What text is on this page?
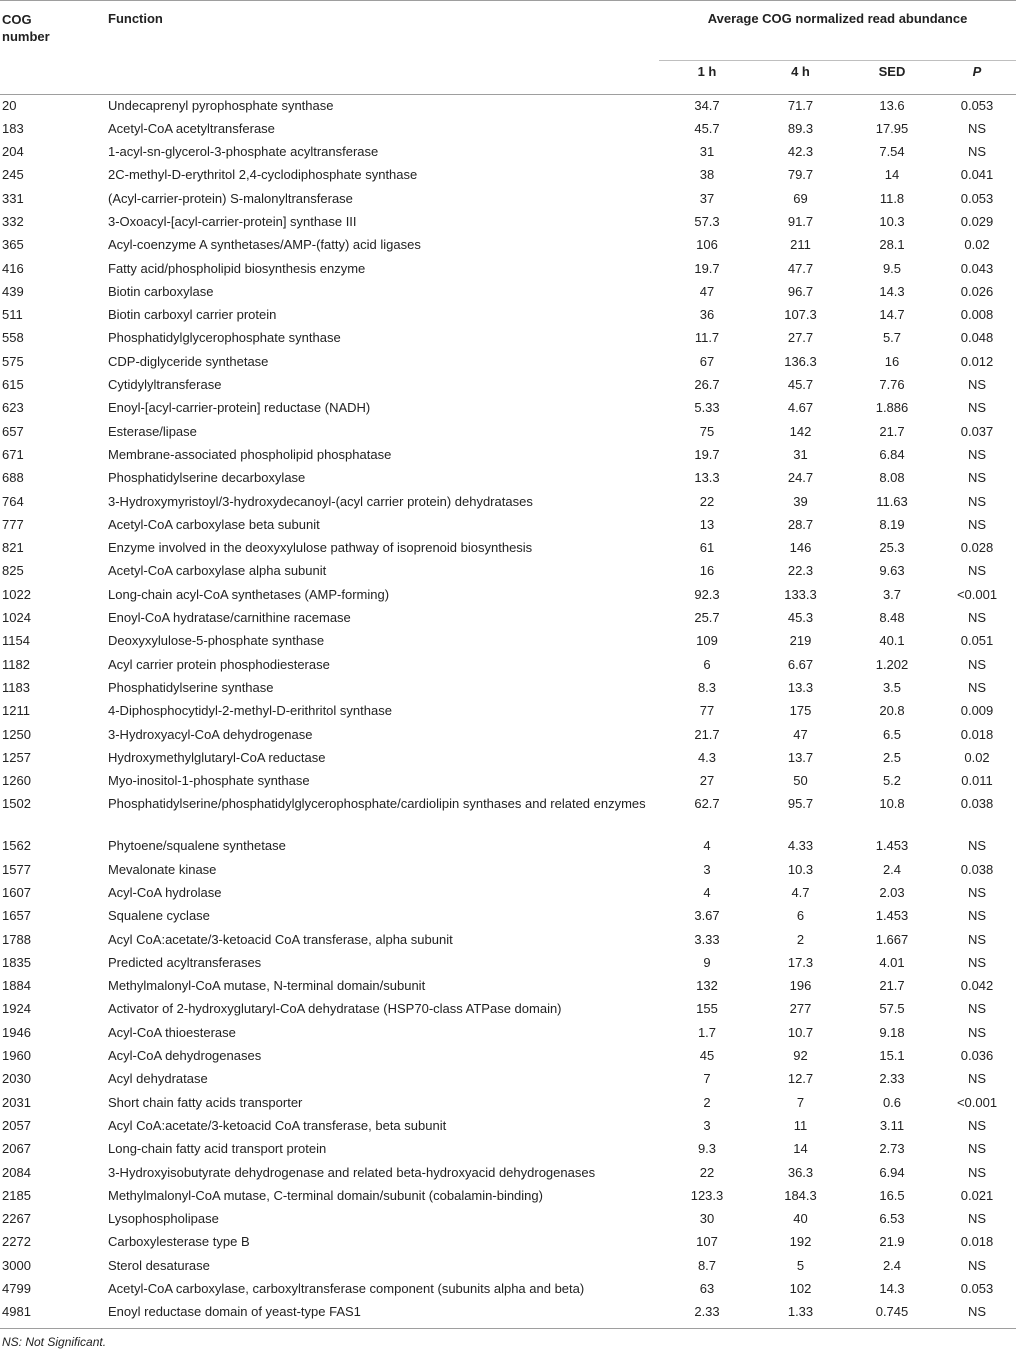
COG number	Function	Average COG normalized read abundance			
		1 h	4 h	SED	P
20	Undecaprenyl pyrophosphate synthase	34.7	71.7	13.6	0.053
183	Acetyl-CoA acetyltransferase	45.7	89.3	17.95	NS
204	1-acyl-sn-glycerol-3-phosphate acyltransferase	31	42.3	7.54	NS
245	2C-methyl-D-erythritol 2,4-cyclodiphosphate synthase	38	79.7	14	0.041
331	(Acyl-carrier-protein) S-malonyltransferase	37	69	11.8	0.053
332	3-Oxoacyl-[acyl-carrier-protein] synthase III	57.3	91.7	10.3	0.029
365	Acyl-coenzyme A synthetases/AMP-(fatty) acid ligases	106	211	28.1	0.02
416	Fatty acid/phospholipid biosynthesis enzyme	19.7	47.7	9.5	0.043
439	Biotin carboxylase	47	96.7	14.3	0.026
511	Biotin carboxyl carrier protein	36	107.3	14.7	0.008
558	Phosphatidylglycerophosphate synthase	11.7	27.7	5.7	0.048
575	CDP-diglyceride synthetase	67	136.3	16	0.012
615	Cytidylyltransferase	26.7	45.7	7.76	NS
623	Enoyl-[acyl-carrier-protein] reductase (NADH)	5.33	4.67	1.886	NS
657	Esterase/lipase	75	142	21.7	0.037
671	Membrane-associated phospholipid phosphatase	19.7	31	6.84	NS
688	Phosphatidylserine decarboxylase	13.3	24.7	8.08	NS
764	3-Hydroxymyristoyl/3-hydroxydecanoyl-(acyl carrier protein) dehydratases	22	39	11.63	NS
777	Acetyl-CoA carboxylase beta subunit	13	28.7	8.19	NS
821	Enzyme involved in the deoxyxylulose pathway of isoprenoid biosynthesis	61	146	25.3	0.028
825	Acetyl-CoA carboxylase alpha subunit	16	22.3	9.63	NS
1022	Long-chain acyl-CoA synthetases (AMP-forming)	92.3	133.3	3.7	<0.001
1024	Enoyl-CoA hydratase/carnithine racemase	25.7	45.3	8.48	NS
1154	Deoxyxylulose-5-phosphate synthase	109	219	40.1	0.051
1182	Acyl carrier protein phosphodiesterase	6	6.67	1.202	NS
1183	Phosphatidylserine synthase	8.3	13.3	3.5	NS
1211	4-Diphosphocytidyl-2-methyl-D-erithritol synthase	77	175	20.8	0.009
1250	3-Hydroxyacyl-CoA dehydrogenase	21.7	47	6.5	0.018
1257	Hydroxymethylglutaryl-CoA reductase	4.3	13.7	2.5	0.02
1260	Myo-inositol-1-phosphate synthase	27	50	5.2	0.011
1502	Phosphatidylserine/phosphatidylglycerophosphate/cardiolipin synthases and related enzymes	62.7	95.7	10.8	0.038
1562	Phytoene/squalene synthetase	4	4.33	1.453	NS
1577	Mevalonate kinase	3	10.3	2.4	0.038
1607	Acyl-CoA hydrolase	4	4.7	2.03	NS
1657	Squalene cyclase	3.67	6	1.453	NS
1788	Acyl CoA:acetate/3-ketoacid CoA transferase, alpha subunit	3.33	2	1.667	NS
1835	Predicted acyltransferases	9	17.3	4.01	NS
1884	Methylmalonyl-CoA mutase, N-terminal domain/subunit	132	196	21.7	0.042
1924	Activator of 2-hydroxyglutaryl-CoA dehydratase (HSP70-class ATPase domain)	155	277	57.5	NS
1946	Acyl-CoA thioesterase	1.7	10.7	9.18	NS
1960	Acyl-CoA dehydrogenases	45	92	15.1	0.036
2030	Acyl dehydratase	7	12.7	2.33	NS
2031	Short chain fatty acids transporter	2	7	0.6	<0.001
2057	Acyl CoA:acetate/3-ketoacid CoA transferase, beta subunit	3	11	3.11	NS
2067	Long-chain fatty acid transport protein	9.3	14	2.73	NS
2084	3-Hydroxyisobutyrate dehydrogenase and related beta-hydroxyacid dehydrogenases	22	36.3	6.94	NS
2185	Methylmalonyl-CoA mutase, C-terminal domain/subunit (cobalamin-binding)	123.3	184.3	16.5	0.021
2267	Lysophospholipase	30	40	6.53	NS
2272	Carboxylesterase type B	107	192	21.9	0.018
3000	Sterol desaturase	8.7	5	2.4	NS
4799	Acetyl-CoA carboxylase, carboxyltransferase component (subunits alpha and beta)	63	102	14.3	0.053
4981	Enoyl reductase domain of yeast-type FAS1	2.33	1.33	0.745	NS
NS: Not Significant.
